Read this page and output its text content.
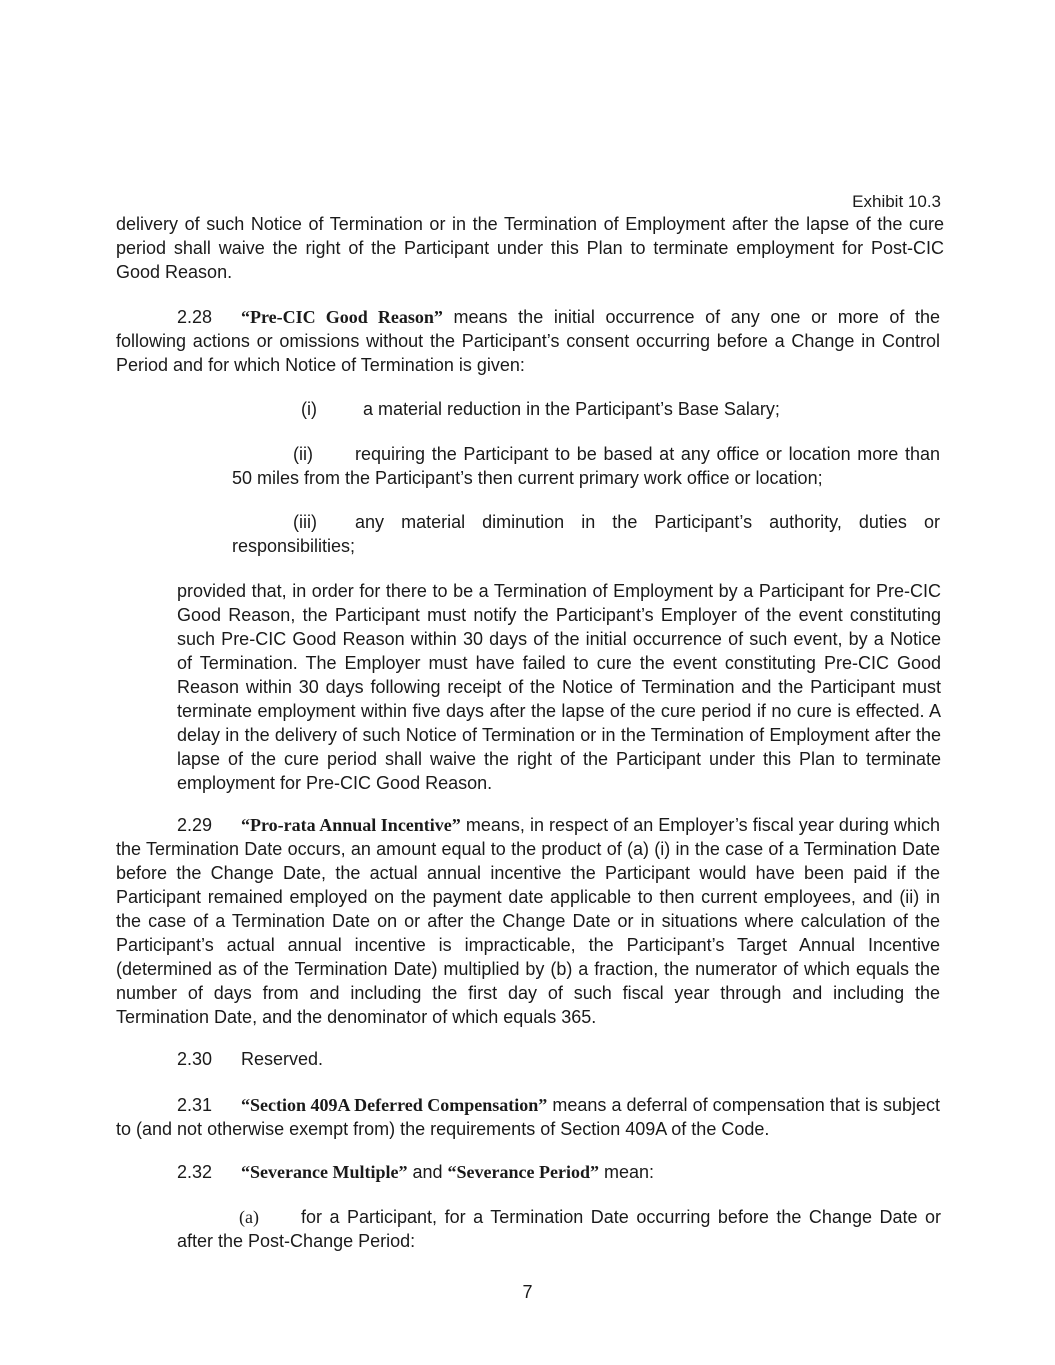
Exhibit 10.3
delivery of such Notice of Termination or in the Termination of Employment after the lapse of the cure period shall waive the right of the Participant under this Plan to terminate employment for Post-CIC Good Reason.
2.28 “Pre-CIC Good Reason” means the initial occurrence of any one or more of the following actions or omissions without the Participant’s consent occurring before a Change in Control Period and for which Notice of Termination is given:
(i)	a material reduction in the Participant’s Base Salary;
(ii) requiring the Participant to be based at any office or location more than 50 miles from the Participant’s then current primary work office or location;
(iii) any material diminution in the Participant’s authority, duties or responsibilities;
provided that, in order for there to be a Termination of Employment by a Participant for Pre-CIC Good Reason, the Participant must notify the Participant’s Employer of the event constituting such Pre-CIC Good Reason within 30 days of the initial occurrence of such event, by a Notice of Termination. The Employer must have failed to cure the event constituting Pre-CIC Good Reason within 30 days following receipt of the Notice of Termination and the Participant must terminate employment within five days after the lapse of the cure period if no cure is effected. A delay in the delivery of such Notice of Termination or in the Termination of Employment after the lapse of the cure period shall waive the right of the Participant under this Plan to terminate employment for Pre-CIC Good Reason.
2.29 “Pro-rata Annual Incentive” means, in respect of an Employer’s fiscal year during which the Termination Date occurs, an amount equal to the product of (a) (i) in the case of a Termination Date before the Change Date, the actual annual incentive the Participant would have been paid if the Participant remained employed on the payment date applicable to then current employees, and (ii) in the case of a Termination Date on or after the Change Date or in situations where calculation of the Participant’s actual annual incentive is impracticable, the Participant’s Target Annual Incentive (determined as of the Termination Date) multiplied by (b) a fraction, the numerator of which equals the number of days from and including the first day of such fiscal year through and including the Termination Date, and the denominator of which equals 365.
2.30 Reserved.
2.31 “Section 409A Deferred Compensation” means a deferral of compensation that is subject to (and not otherwise exempt from) the requirements of Section 409A of the Code.
2.32 “Severance Multiple” and “Severance Period” mean:
(a) for a Participant, for a Termination Date occurring before the Change Date or after the Post-Change Period:
7
